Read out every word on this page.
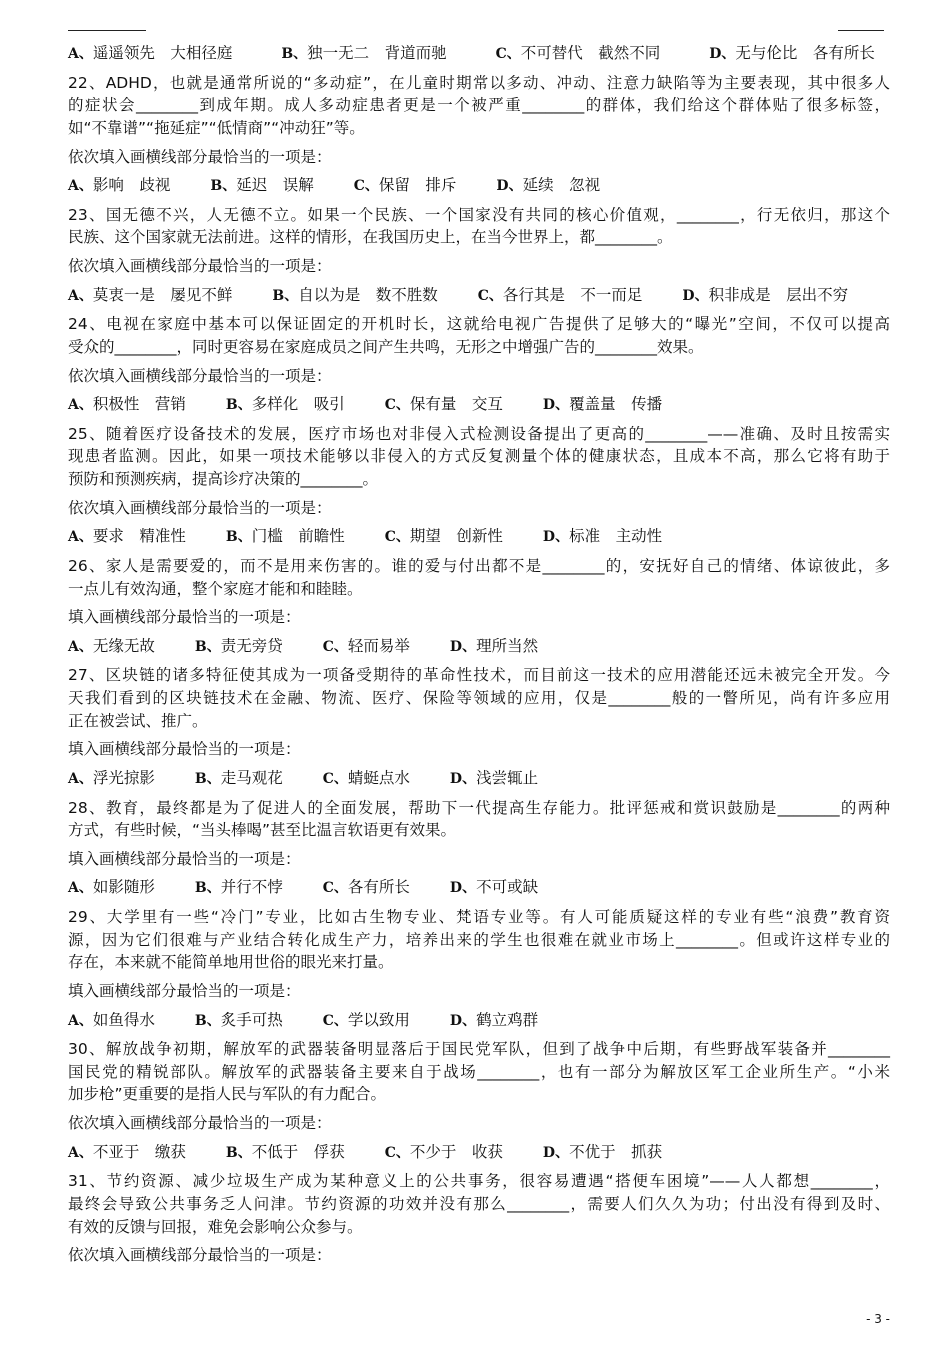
A、遥遥领先　大相径庭	B、独一无二　背道而驰	C、不可替代　截然不同	D、无与伦比　各有所长
22、ADHD，也就是通常所说的“多动症”，在儿童时期常以多动、冲动、注意力缺陷等为主要表现，其中很多人
的症状会________到成年期。成人多动症患者更是一个被严重________的群体，我们给这个群体贴了很多标签，
如“不靠谱”“拖延症”“低情商”“冲动狂”等。
依次填入画横线部分最恰当的一项是：
A、影响　歧视	B、延迟　误解	C、保留　排斥	D、延续　忽视
23、国无德不兴，人无德不立。如果一个民族、一个国家没有共同的核心价值观，________，行无依归，那这个
民族、这个国家就无法前进。这样的情形，在我国历史上，在当今世界上，都________。
依次填入画横线部分最恰当的一项是：
A、莫衷一是　屡见不鲜	B、自以为是　数不胜数	C、各行其是　不一而足	D、积非成是　层出不穷
24、电视在家庭中基本可以保证固定的开机时长，这就给电视广告提供了足够大的“曝光”空间，不仅可以提高
受众的________，同时更容易在家庭成员之间产生共鸣，无形之中增强广告的________效果。
依次填入画横线部分最恰当的一项是：
A、积极性　营销	B、多样化　吸引	C、保有量　交互	D、覆盖量　传播
25、随着医疗设备技术的发展，医疗市场也对非侵入式检测设备提出了更高的________——准确、及时且按需实
现患者监测。因此，如果一项技术能够以非侵入的方式反复测量个体的健康状态，且成本不高，那么它将有助于
预防和预测疾病，提高诊疗决策的________。
依次填入画横线部分最恰当的一项是：
A、要求　精准性	B、门槛　前瞻性	C、期望　创新性	D、标准　主动性
26、家人是需要爱的，而不是用来伤害的。谁的爱与付出都不是________的，安抚好自己的情绪、体谅彼此，多
一点儿有效沟通，整个家庭才能和和睦睦。
填入画横线部分最恰当的一项是：
A、无缘无故	B、责无旁贷	C、轻而易举	D、理所当然
27、区块链的诸多特征使其成为一项备受期待的革命性技术，而目前这一技术的应用潜能还远未被完全开发。今
天我们看到的区块链技术在金融、物流、医疗、保险等领域的应用，仅是________般的一瞥所见，尚有许多应用
正在被尝试、推广。
填入画横线部分最恰当的一项是：
A、浮光掠影	B、走马观花	C、蜻蜓点水	D、浅尝辄止
28、教育，最终都是为了促进人的全面发展，帮助下一代提高生存能力。批评惩戒和赏识鼓励是________的两种
方式，有些时候，“当头棒喝”甚至比温言软语更有效果。
填入画横线部分最恰当的一项是：
A、如影随形	B、并行不悖	C、各有所长	D、不可或缺
29、大学里有一些“冷门”专业，比如古生物专业、梵语专业等。有人可能质疑这样的专业有些“浪费”教育资
源，因为它们很难与产业结合转化成生产力，培养出来的学生也很难在就业市场上________。但或许这样专业的
存在，本来就不能简单地用世俗的眼光来打量。
填入画横线部分最恰当的一项是：
A、如鱼得水	B、炙手可热	C、学以致用	D、鹤立鸡群
30、解放战争初期，解放军的武器装备明显落后于国民党军队，但到了战争中后期，有些野战军装备并________
国民党的精锐部队。解放军的武器装备主要来自于战场________，也有一部分为解放区军工企业所生产。“小米
加步枪”更重要的是指人民与军队的有力配合。
依次填入画横线部分最恰当的一项是：
A、不亚于　缴获	B、不低于　俘获	C、不少于　收获	D、不优于　抓获
31、节约资源、减少垃圾生产成为某种意义上的公共事务，很容易遭遇“搭便车困境”——人人都想________，
最终会导致公共事务乏人问津。节约资源的功效并没有那么________，需要人们久久为功；付出没有得到及时、
有效的反馈与回报，难免会影响公众参与。
依次填入画横线部分最恰当的一项是：
- 3 -
